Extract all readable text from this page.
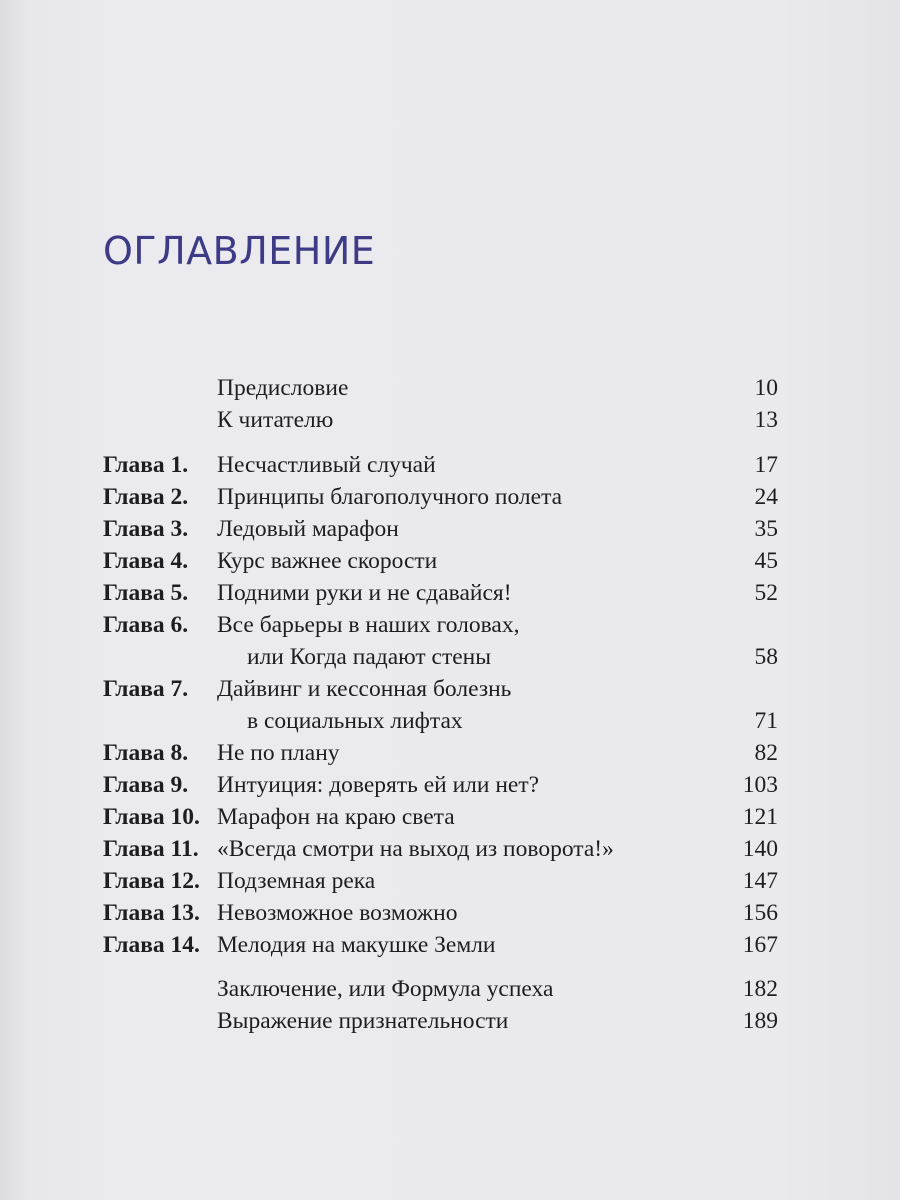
ОГЛАВЛЕНИЕ
Предисловие	10
К читателю	13
Глава 1. Несчастливый случай	17
Глава 2. Принципы благополучного полета	24
Глава 3. Ледовый марафон	35
Глава 4. Курс важнее скорости	45
Глава 5. Подними руки и не сдавайся!	52
Глава 6. Все барьеры в наших головах,
или Когда падают стены	58
Глава 7. Дайвинг и кессонная болезнь
в социальных лифтах	71
Глава 8. Не по плану	82
Глава 9. Интуиция: доверять ей или нет?	103
Глава 10. Марафон на краю света	121
Глава 11. «Всегда смотри на выход из поворота!»	140
Глава 12. Подземная река	147
Глава 13. Невозможное возможно	156
Глава 14. Мелодия на макушке Земли	167
Заключение, или Формула успеха	182
Выражение признательности	189
